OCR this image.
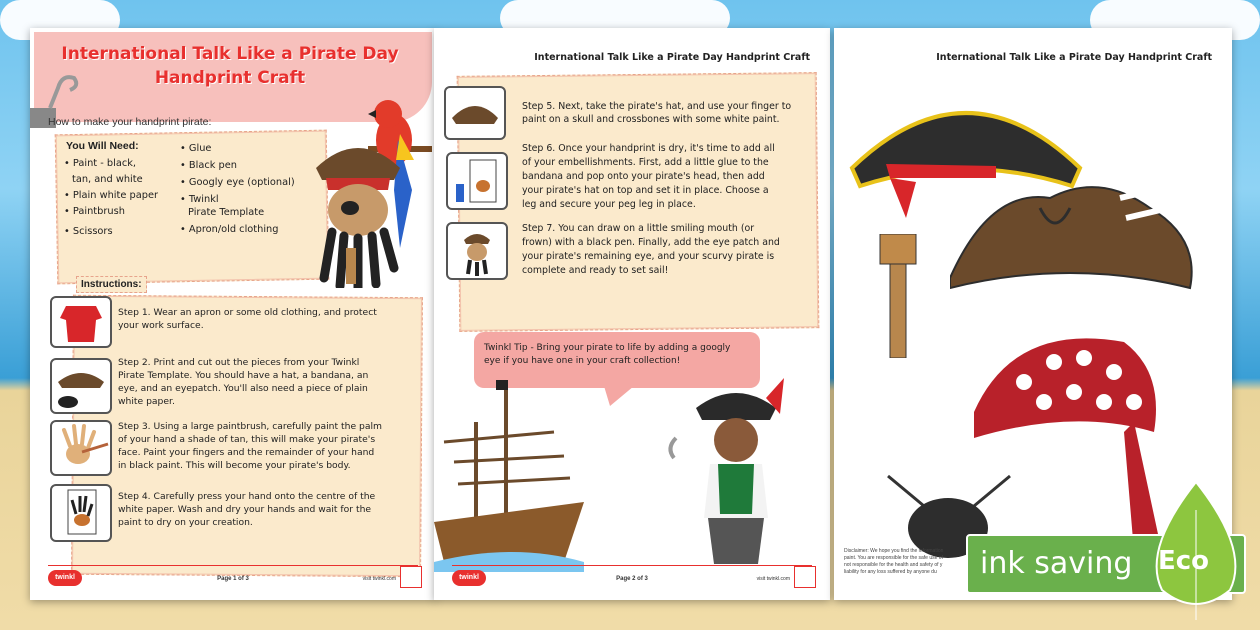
International Talk Like a Pirate Day
Handprint Craft
How to make your handprint pirate:
You Will Need:
• Paint - black,
tan, and white
• Plain white paper
• Paintbrush
• Scissors
• Glue
• Black pen
• Googly eye (optional)
• Twinkl
Pirate Template
• Apron/old clothing
Instructions:
Step 1. Wear an apron or some old clothing, and protect
your work surface.
Step 2. Print and cut out the pieces from your Twinkl
Pirate Template. You should have a hat, a bandana, an
eye, and an eyepatch. You'll also need a piece of plain
white paper.
Step 3. Using a large paintbrush, carefully paint the palm
of your hand a shade of tan, this will make your pirate's
face. Paint your fingers and the remainder of your hand
in black paint. This will become your pirate's body.
Step 4. Carefully press your hand onto the centre of the
white paper. Wash and dry your hands and wait for the
paint to dry on your creation.
twinkl	Page 1 of 3	visit twinkl.com
International Talk Like a Pirate Day Handprint Craft
Step 5. Next, take the pirate's hat, and use your finger to
paint on a skull and crossbones with some white paint.
Step 6. Once your handprint is dry, it's time to add all
of your embellishments. First, add a little glue to the
bandana and pop onto your pirate's head, then add
your pirate's hat on top and set it in place. Choose a
leg and secure your peg leg in place.
Step 7. You can draw on a little smiling mouth (or
frown) with a black pen. Finally, add the eye patch and
your pirate's remaining eye, and your scurvy pirate is
complete and ready to set sail!
Twinkl Tip - Bring your pirate to life by adding a googly
eye if you have one in your craft collection!
twinkl	Page 2 of 3	visit twinkl.com
International Talk Like a Pirate Day Handprint Craft
Disclaimer: We hope you find the information
paint. You are responsible for the safe use of
not responsible for the health and safety of y
liability for any loss suffered by anyone du ink saving Eco
